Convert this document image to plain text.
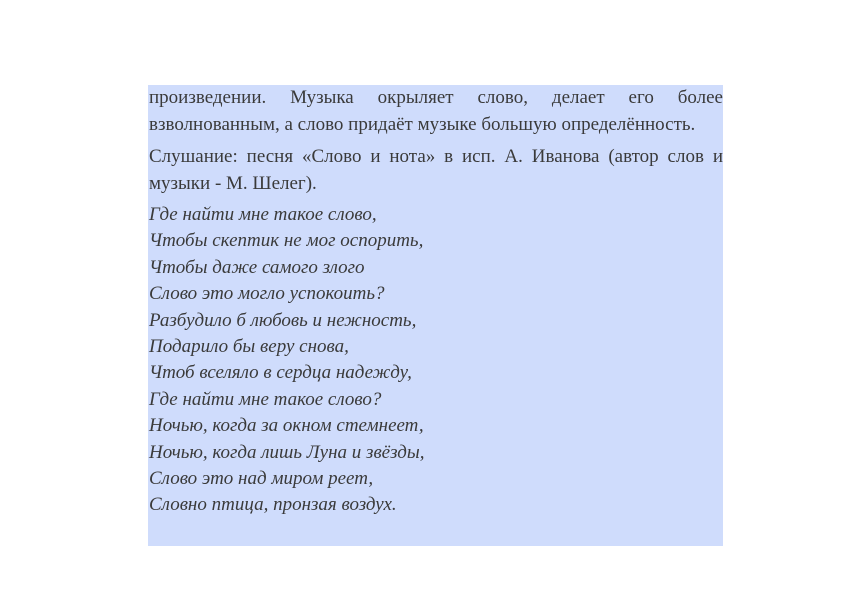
произведении. Музыка окрыляет слово, делает его более взволнованным, а слово придаёт музыке большую определённость.

Слушание: песня «Слово и нота» в исп. А. Иванова (автор слов и музыки - М. Шелег).

Где найти мне такое слово,
Чтобы скептик не мог оспорить,
Чтобы даже самого злого
Слово это могло успокоить?
Разбудило б любовь и нежность,
Подарило бы веру снова,
Чтоб вселяло в сердца надежду,
Где найти мне такое слово?
Ночью, когда за окном стемнеет,
Ночью, когда лишь Луна и звёзды,
Слово это над миром реет,
Словно птица, пронзая воздух.
